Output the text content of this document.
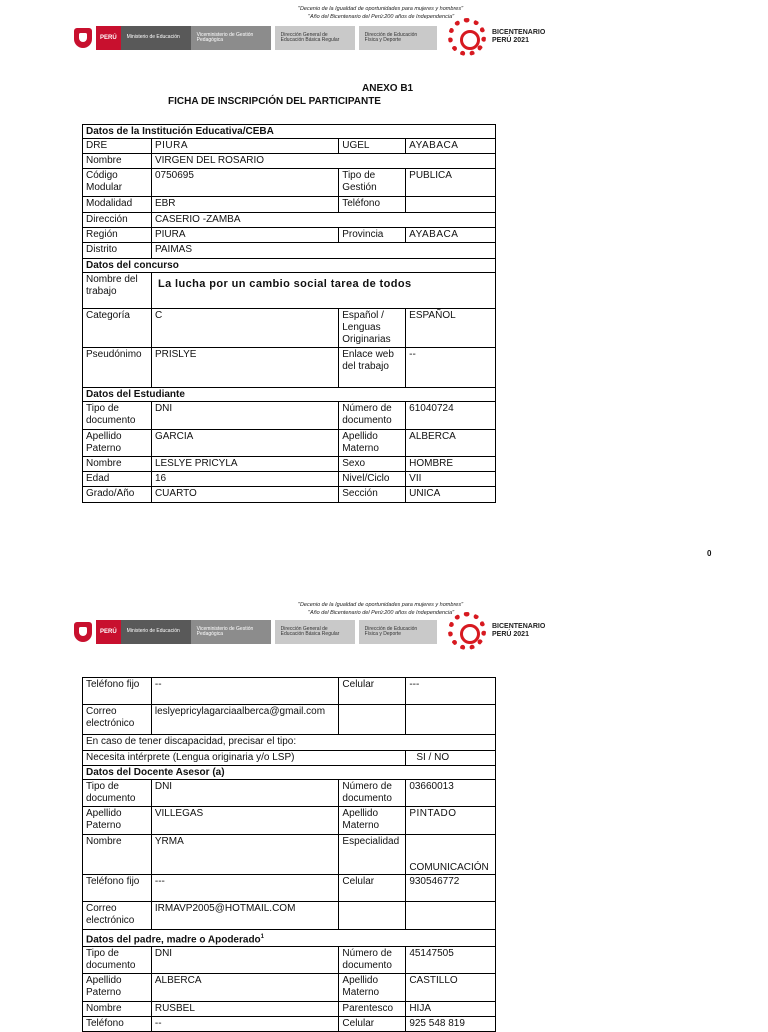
"Decenio de la Igualdad de oportunidades para mujeres y hombres"
"Año del Bicentenario del Perú:200 años de Independencia"
PERÚ	Ministerio de Educación	Viceministerio de Gestión Pedagógica
Dirección General de Educación Básica Regular
Dirección de Educación Física y Deporte
BICENTENARIO
PERÚ 2021
ANEXO B1
FICHA DE INSCRIPCIÓN DEL PARTICIPANTE
Datos de la Institución Educativa/CEBA			
DRE	PIURA	UGEL	AYABACA
Nombre	VIRGEN DEL ROSARIO		
Código Modular	0750695	Tipo de Gestión	PUBLICA
Modalidad	EBR	Teléfono	
Dirección	CASERIO -ZAMBA		
Región	PIURA	Provincia	AYABACA
Distrito	PAIMAS		
Datos del concurso			
Nombre del trabajo	La lucha por un cambio social tarea de todos		
Categoría	C	Español / Lenguas Originarias	ESPAÑOL
Pseudónimo	PRISLYE	Enlace web del trabajo	--
Datos del Estudiante			
Tipo de documento	DNI	Número de documento	61040724
Apellido Paterno	GARCIA	Apellido Materno	ALBERCA
Nombre	LESLYE PRICYLA	Sexo	HOMBRE
Edad	16	Nivel/Ciclo	VII
Grado/Año	CUARTO	Sección	UNICA
0
"Decenio de la Igualdad de oportunidades para mujeres y hombres"
"Año del Bicentenario del Perú:200 años de Independencia"
PERÚ	Ministerio de Educación	Viceministerio de Gestión Pedagógica
Dirección General de Educación Básica Regular
Dirección de Educación Física y Deporte
BICENTENARIO
PERÚ 2021
Teléfono fijo	--	Celular	---
Correo electrónico	leslyepricylagarciaalberca@gmail.com		
En caso de tener discapacidad, precisar el tipo:			
Necesita intérprete (Lengua originaria y/o LSP)			SI / NO
Datos del Docente Asesor (a)			
Tipo de documento	DNI	Número de documento	03660013
Apellido Paterno	VILLEGAS	Apellido Materno	PINTADO
Nombre	YRMA	Especialidad	COMUNICACIÓN
Teléfono fijo	---	Celular	930546772
Correo electrónico	IRMAVP2005@HOTMAIL.COM		
Datos del padre, madre o Apoderado$^1$
Tipo de documento	DNI	Número de documento	45147505
Apellido Paterno	ALBERCA	Apellido Materno	CASTILLO
Nombre	RUSBEL	Parentesco	HIJA
Teléfono	--	Celular	925 548 819
